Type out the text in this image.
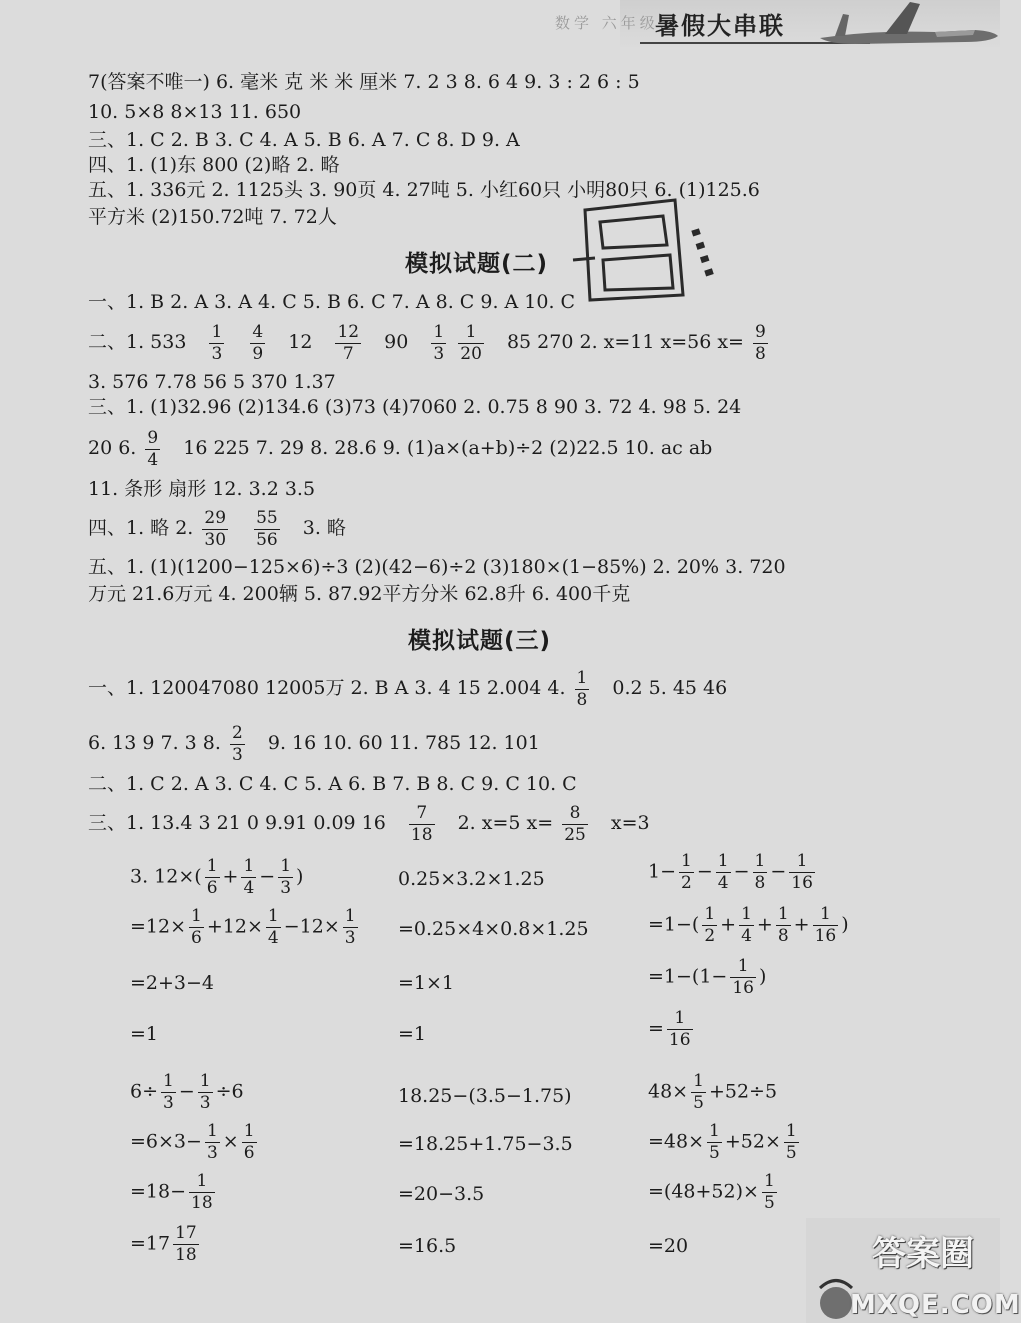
数学 六年级
暑假大串联
7(答案不唯一) 6. 毫米 克 米 米 厘米 7. 2 3 8. 6 4 9. 3 : 2 6 : 5
10. 5×8 8×13 11. 650
三、1. C 2. B 3. C 4. A 5. B 6. A 7. C 8. D 9. A
四、1. (1)东 800 (2)略 2. 略
五、1. 336元 2. 1125头 3. 90页 4. 27吨 5. 小红60只 小明80只 6. (1)125.6
平方米 (2)150.72吨 7. 72人
模拟试题(二)
一、1. B 2. A 3. A 4. C 5. B 6. C 7. A 8. C 9. A 10. C
二、1. $533 \frac{1}{3}$
$\frac{4}{9} 12 \frac{12}{7} 90 \frac{1}{3}$
$\frac{1}{20} 85$ 270 2. x=11 x=56 $x= \frac{9}{8}$
3. 576 7.78 56 5 370 1.37
三、1. (1)32.96 (2)134.6 (3)73 (4)7060 2. 0.75 8 90 3. 72 4. 98 5. 24
20 6. $\frac{9}{4} 16$ 225 7. 29 8. 28.6 9. (1)a×(a+b)÷2 (2)22.5 10. ac ab
11. 条形 扇形 12. 3.2 3.5
四、1. 略 2. $\frac{29}{30}$
$\frac{55}{56} 3$. 略
五、1. (1)(1200−125×6)÷3 (2)(42−6)÷2 (3)180×(1−85%) 2. 20% 3. 720
万元 21.6万元 4. 200辆 5. 87.92平方分米 62.8升 6. 400千克
模拟试题(三)
一、1. 120047080 12005万 2. B A 3. 4 15 2.004 4. $\frac{1}{8} 0.2$ 5. 45 46
6. 13 9 7. 3 8. $\frac{2}{3} 9$. 16 10. 60 11. 785 12. 101
二、1. C 2. A 3. C 4. C 5. A 6. B 7. B 8. C 9. C 10. C
三、1. 13.4 3 21 0 9.91 0.09 $16 \frac{7}{18} 2$. x=5 $x= \frac{8}{25} x=3$
3. $12\times( \frac{1}{6} + \frac{1}{4} - \frac{1}{3}$ )
$=12\times \frac{1}{6} +12\times \frac{1}{4} -12\times \frac{1}{3}$
=2+3−4
=1
0.25×3.2×1.25
=0.25×4×0.8×1.25
=1×1
=1
$1- \frac{1}{2} - \frac{1}{4} - \frac{1}{8} - \frac{1}{16}$
$=1-( \frac{1}{2} + \frac{1}{4} + \frac{1}{8} + \frac{1}{16}$ )
$=1-(1- \frac{1}{16}$ )
= $\frac{1}{16}$
$6\div \frac{1}{3} - \frac{1}{3} \div 6$
$=6\times 3- \frac{1}{3} \times \frac{1}{6}$
$=18- \frac{1}{18}$
$=17 \frac{17}{18}$
18.25−(3.5−1.75)
=18.25+1.75−3.5
=20−3.5
=16.5
$48\times \frac{1}{5} +52\div 5$
$=48\times \frac{1}{5} +52\times \frac{1}{5}$
$=(48+52)\times \frac{1}{5}$
=20	答案圈
MXQE.COM
